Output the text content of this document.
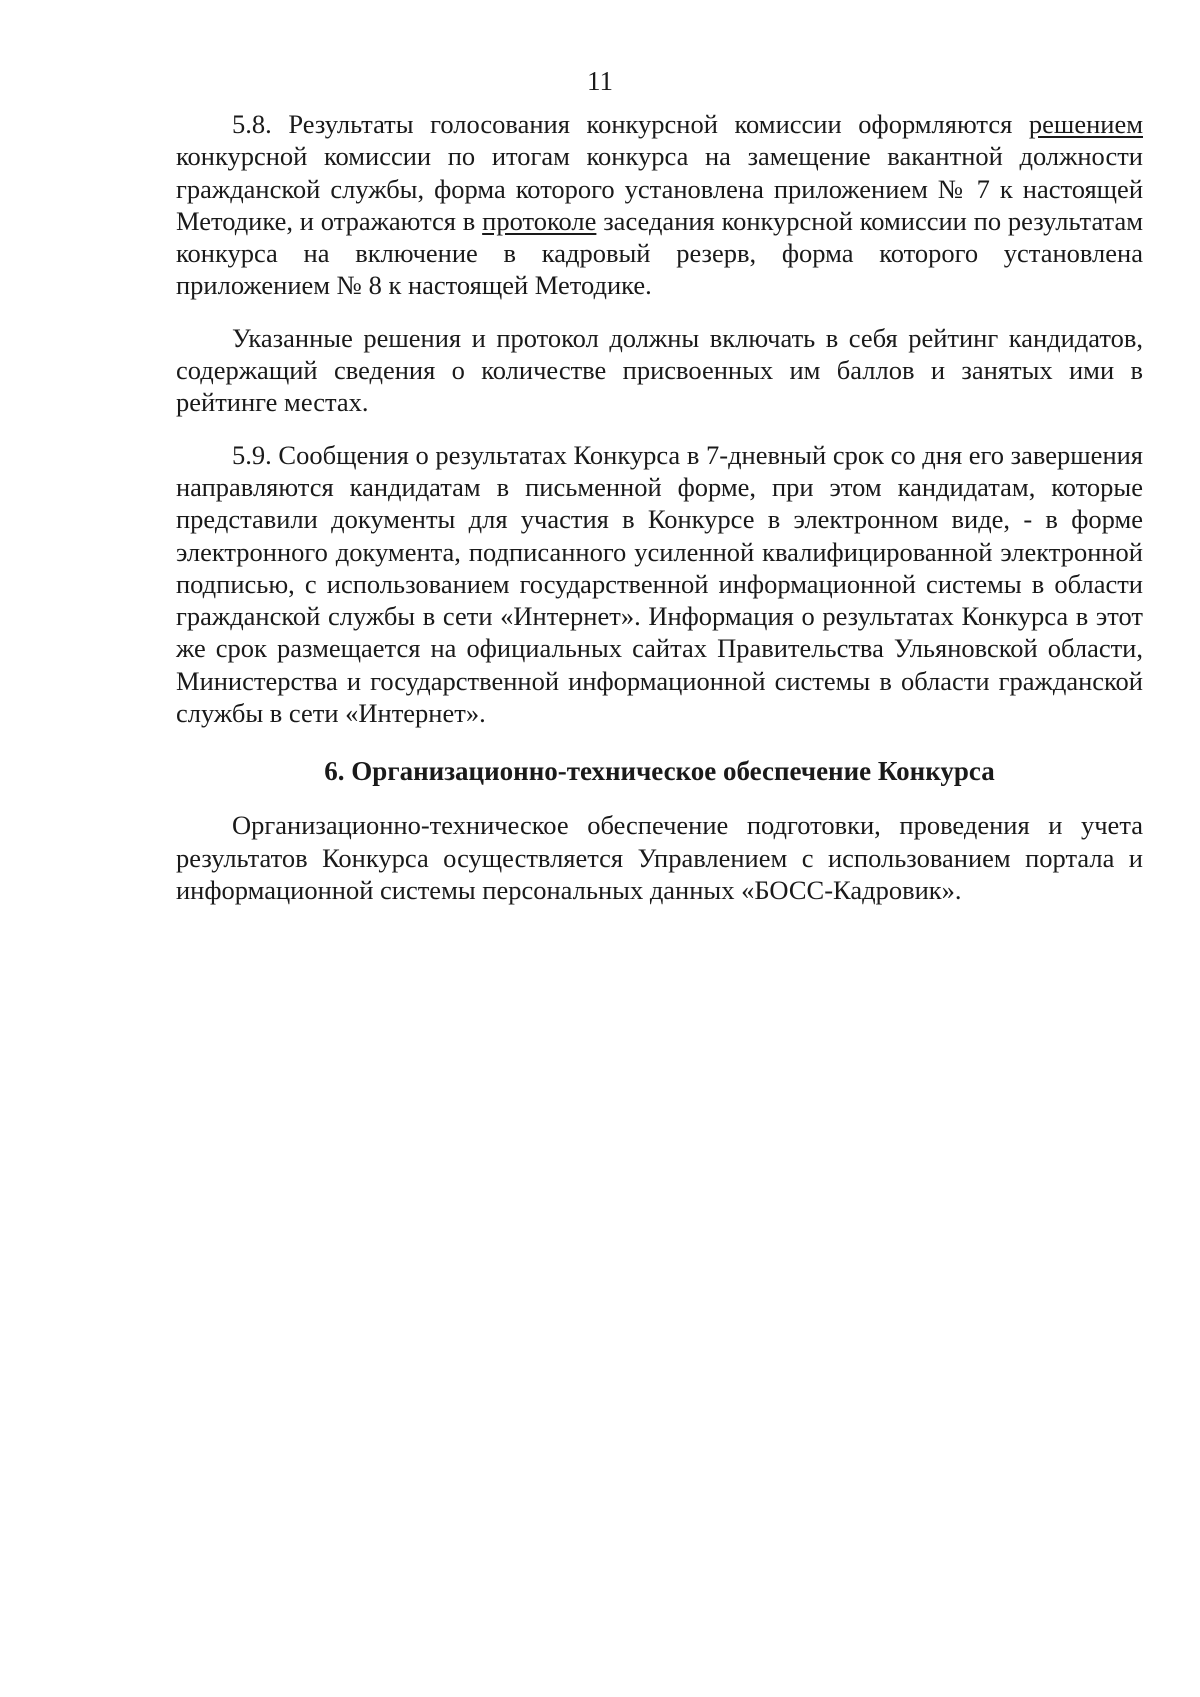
11

5.8. Результаты голосования конкурсной комиссии оформляются решением конкурсной комиссии по итогам конкурса на замещение вакантной должности гражданской службы, форма которого установлена приложением № 7 к настоящей Методике, и отражаются в протоколе заседания конкурсной комиссии по результатам конкурса на включение в кадровый резерв, форма которого установлена приложением № 8 к настоящей Методике.

Указанные решения и протокол должны включать в себя рейтинг кандидатов, содержащий сведения о количестве присвоенных им баллов и занятых ими в рейтинге местах.

5.9. Сообщения о результатах Конкурса в 7-дневный срок со дня его завершения направляются кандидатам в письменной форме, при этом кандидатам, которые представили документы для участия в Конкурсе в электронном виде, - в форме электронного документа, подписанного усиленной квалифицированной электронной подписью, с использованием государственной информационной системы в области гражданской службы в сети «Интернет». Информация о результатах Конкурса в этот же срок размещается на официальных сайтах Правительства Ульяновской области, Министерства и государственной информационной системы в области гражданской службы в сети «Интернет».

6. Организационно-техническое обеспечение Конкурса

Организационно-техническое обеспечение подготовки, проведения и учета результатов Конкурса осуществляется Управлением с использованием портала и информационной системы персональных данных «БОСС-Кадровик».
